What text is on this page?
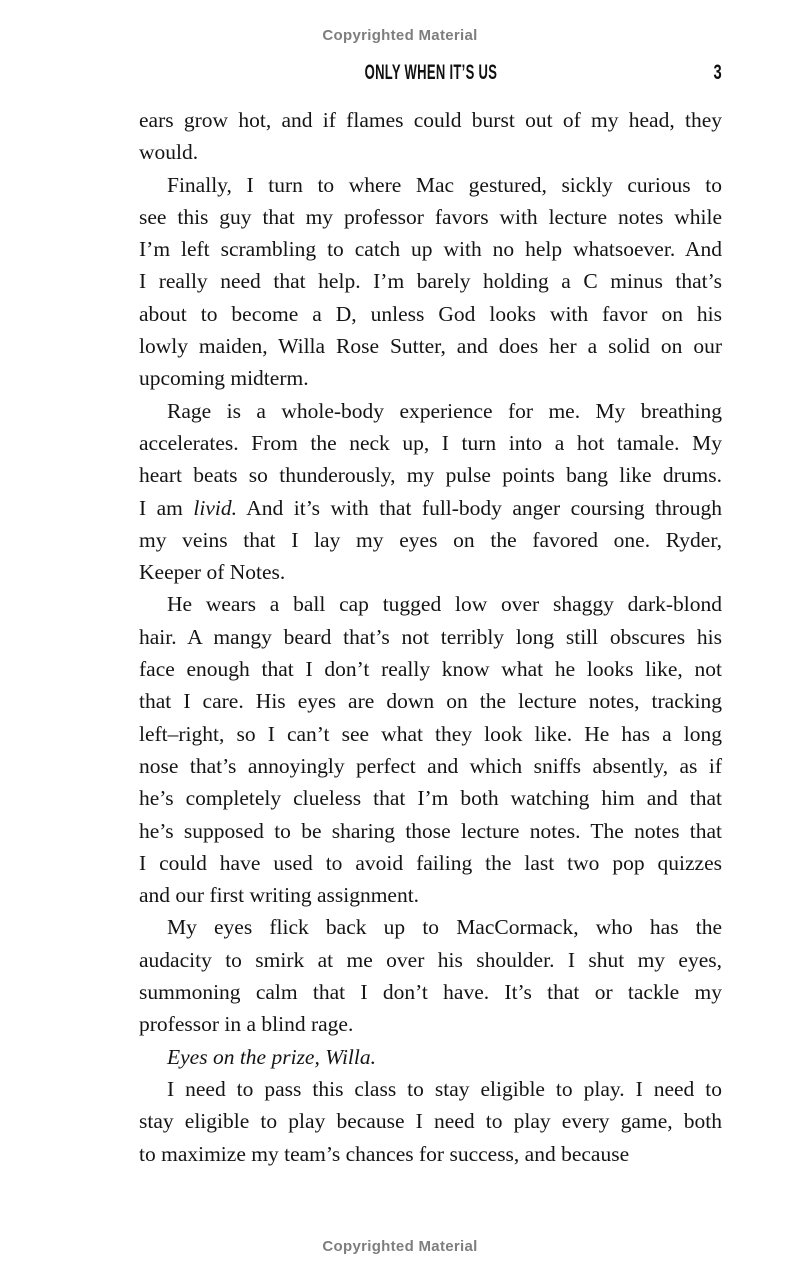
Copyrighted Material
ONLY WHEN IT’S US	3
ears grow hot, and if flames could burst out of my head, they
would.
Finally, I turn to where Mac gestured, sickly curious to
see this guy that my professor favors with lecture notes while
I’m left scrambling to catch up with no help whatsoever. And
I really need that help. I’m barely holding a C minus that’s
about to become a D, unless God looks with favor on his
lowly maiden, Willa Rose Sutter, and does her a solid on our
upcoming midterm.
Rage is a whole-body experience for me. My breathing
accelerates. From the neck up, I turn into a hot tamale. My
heart beats so thunderously, my pulse points bang like drums.
I am livid. And it’s with that full-body anger coursing through
my veins that I lay my eyes on the favored one. Ryder,
Keeper of Notes.
He wears a ball cap tugged low over shaggy dark-blond
hair. A mangy beard that’s not terribly long still obscures his
face enough that I don’t really know what he looks like, not
that I care. His eyes are down on the lecture notes, tracking
left–right, so I can’t see what they look like. He has a long
nose that’s annoyingly perfect and which sniffs absently, as if
he’s completely clueless that I’m both watching him and that
he’s supposed to be sharing those lecture notes. The notes that
I could have used to avoid failing the last two pop quizzes
and our first writing assignment.
My eyes flick back up to MacCormack, who has the
audacity to smirk at me over his shoulder. I shut my eyes,
summoning calm that I don’t have. It’s that or tackle my
professor in a blind rage.
Eyes on the prize, Willa.
I need to pass this class to stay eligible to play. I need to
stay eligible to play because I need to play every game, both
to maximize my team’s chances for success, and because
Copyrighted Material
